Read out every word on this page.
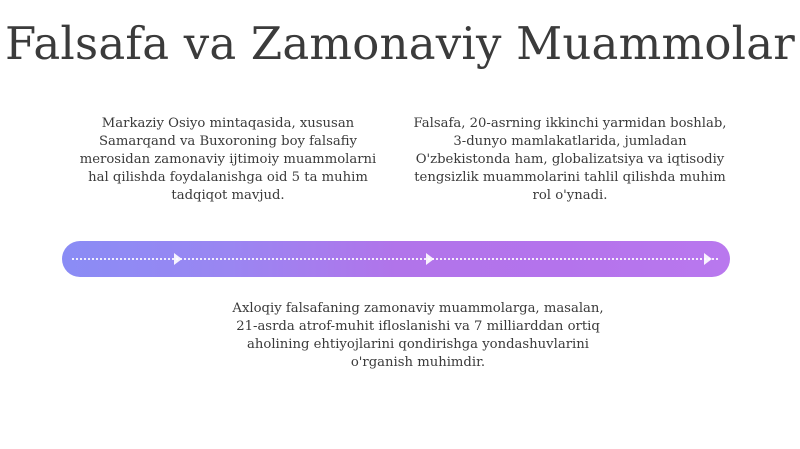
Falsafa va Zamonaviy Muammolar
Markaziy Osiyo mintaqasida, xususan Samarqand va Buxoroning boy falsafiy merosidan zamonaviy ijtimoiy muammolarni hal qilishda foydalanishga oid 5 ta muhim tadqiqot mavjud.
Falsafa, 20-asrning ikkinchi yarmidan boshlab, 3-dunyo mamlakatlarida, jumladan O'zbekistonda ham, globalizatsiya va iqtisodiy tengsizlik muammolarini tahlil qilishda muhim rol o'ynadi.
Axloqiy falsafaning zamonaviy muammolarga, masalan, 21-asrda atrof-muhit ifloslanishi va 7 milliarddan ortiq aholining ehtiyojlarini qondirishga yondashuvlarini o'rganish muhimdir.
